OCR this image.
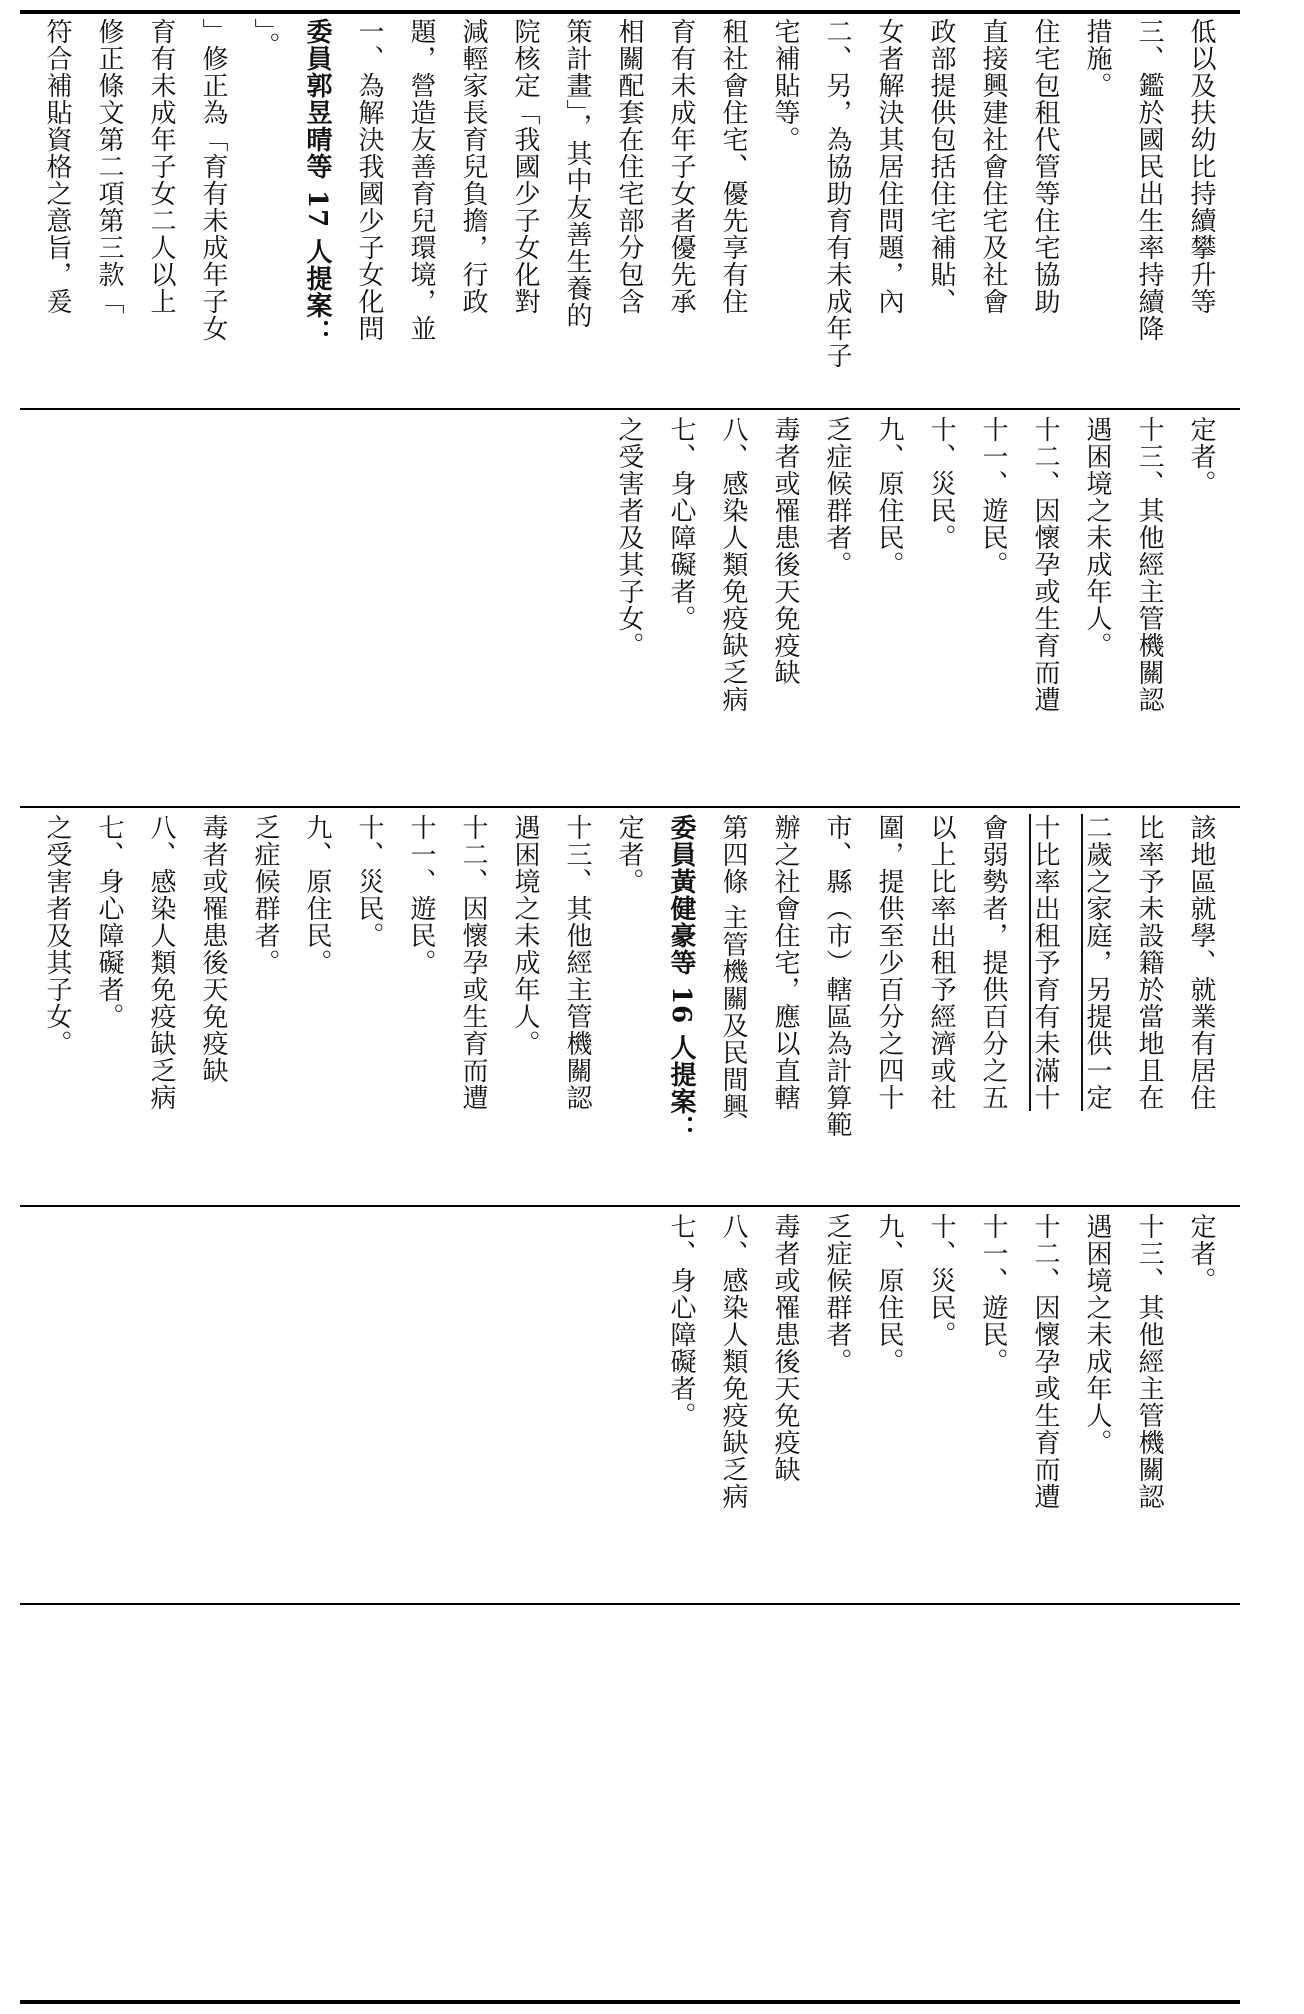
符合補貼資格之意旨，爰 修正條文第二項第三款「 育有未成年子女二人以上 」修正為「育有未成年子女 」。 委員郭昱晴等 17 人提案： 一、為解決我國少子女化問 題，營造友善育兒環境，並 減輕家長育兒負擔，行政 院核定「我國少子女化對 策計畫」，其中友善生養的 相關配套在住宅部分包含 育有未成年子女者優先承 租社會住宅、優先享有住 宅補貼等。 二、另，為協助育有未成年子 女者解決其居住問題，內 政部提供包括住宅補貼、 直接興建社會住宅及社會 住宅包租代管等住宅協助 措施。 三、鑑於國民出生率持續降 低以及扶幼比持續攀升等
之受害者及其子女。 七、身心障礙者。 八、感染人類免疫缺乏病 毒者或罹患後天免疫缺 乏症候群者。 九、原住民。 十、災民。 十一、遊民。 十二、因懷孕或生育而遭 遇困境之未成年人。 十三、其他經主管機關認 定者。
之受害者及其子女。 七、身心障礙者。 八、感染人類免疫缺乏病 毒者或罹患後天免疫缺 乏症候群者。 九、原住民。 十、災民。 十一、遊民。 十二、因懷孕或生育而遭 遇困境之未成年人。 十三、其他經主管機關認 定者。 委員黃健豪等 16 人提案： 第四條 主管機關及民間興 辦之社會住宅，應以直轄 市、縣（市）轄區為計算範 圍，提供至少百分之四十 以上比率出租予經濟或社 會弱勢者，提供百分之五 十比率出租予育有未滿十 二歲之家庭，另提供一定 比率予未設籍於當地且在 該地區就學、就業有居住
七、身心障礙者。 八、感染人類免疫缺乏病 毒者或罹患後天免疫缺 乏症候群者。 九、原住民。 十、災民。 十一、遊民。 十二、因懷孕或生育而遭 遇困境之未成年人。 十三、其他經主管機關認 定者。
